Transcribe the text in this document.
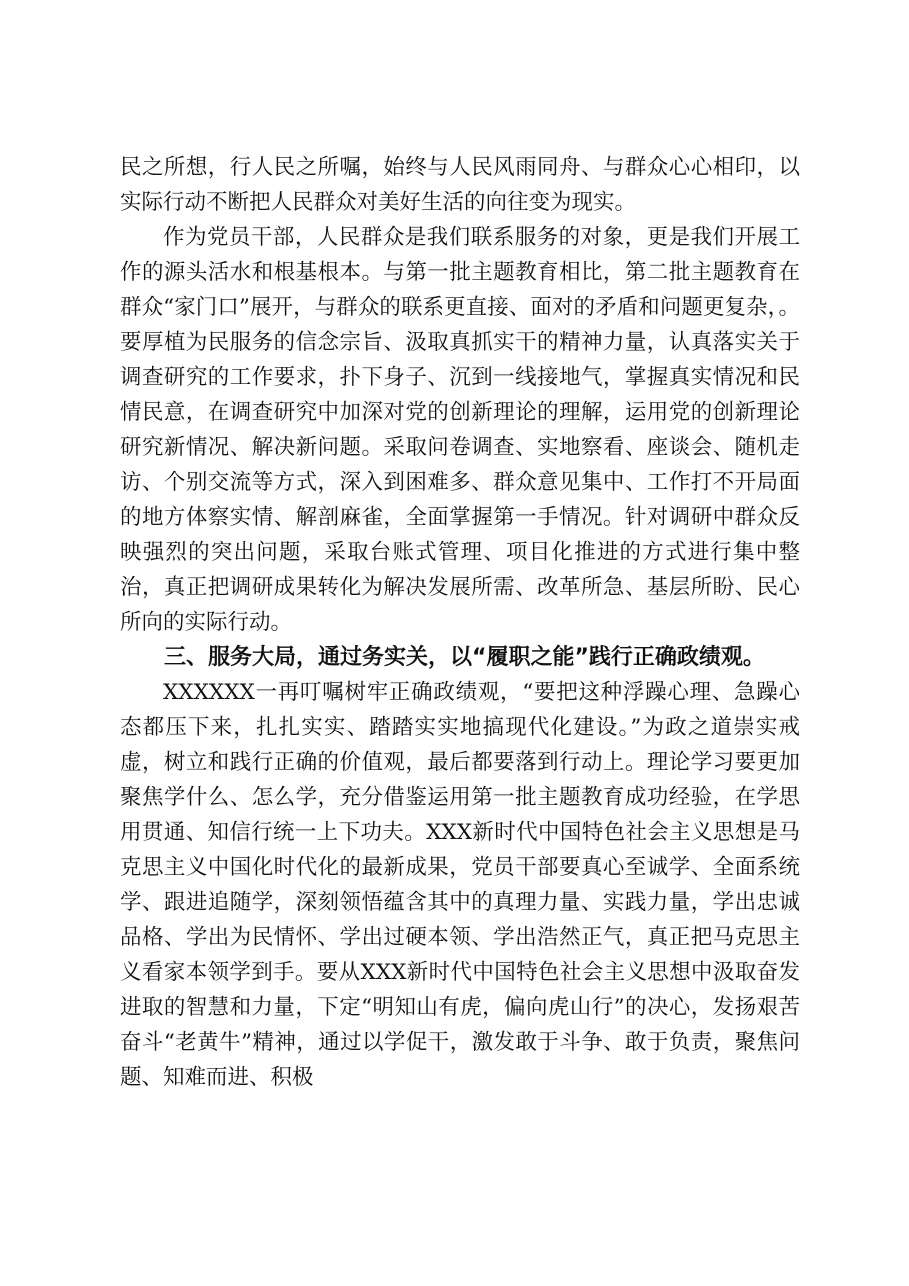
民之所想，行人民之所嘱，始终与人民风雨同舟、与群众心心相印，以实际行动不断把人民群众对美好生活的向往变为现实。

作为党员干部，人民群众是我们联系服务的对象，更是我们开展工作的源头活水和根基根本。与第一批主题教育相比，第二批主题教育在群众“家门口”展开，与群众的联系更直接、面对的矛盾和问题更复杂，。要厚植为民服务的信念宗旨、汲取真抓实干的精神力量，认真落实关于调查研究的工作要求，扑下身子、沉到一线接地气，掌握真实情况和民情民意，在调查研究中加深对党的创新理论的理解，运用党的创新理论研究新情况、解决新问题。采取问卷调查、实地察看、座谈会、随机走访、个别交流等方式，深入到困难多、群众意见集中、工作打不开局面的地方体察实情、解剖麻雀，全面掌握第一手情况。针对调研中群众反映强烈的突出问题，采取台账式管理、项目化推进的方式进行集中整治，真正把调研成果转化为解决发展所需、改革所急、基层所盼、民心所向的实际行动。

三、服务大局，通过务实关，以“履职之能”践行正确政绩观。

XXXXXX一再叮嘱树牢正确政绩观，“要把这种浮躁心理、急躁心态都压下来，扎扎实实、踏踏实实地搞现代化建设。”为政之道崇实戒虚，树立和践行正确的价值观，最后都要落到行动上。理论学习要更加聚焦学什么、怎么学，充分借鉴运用第一批主题教育成功经验，在学思用贯通、知信行统一上下功夫。XXX新时代中国特色社会主义思想是马克思主义中国化时代化的最新成果，党员干部要真心至诚学、全面系统学、跟进追随学，深刻领悟蕴含其中的真理力量、实践力量，学出忠诚品格、学出为民情怀、学出过硬本领、学出浩然正气，真正把马克思主义看家本领学到手。要从XXX新时代中国特色社会主义思想中汲取奋发进取的智慧和力量，下定“明知山有虎，偏向虎山行”的决心，发扬艰苦奋斗“老黄牛”精神，通过以学促干，激发敢于斗争、敢于负责，聚焦问题、知难而进、积极
